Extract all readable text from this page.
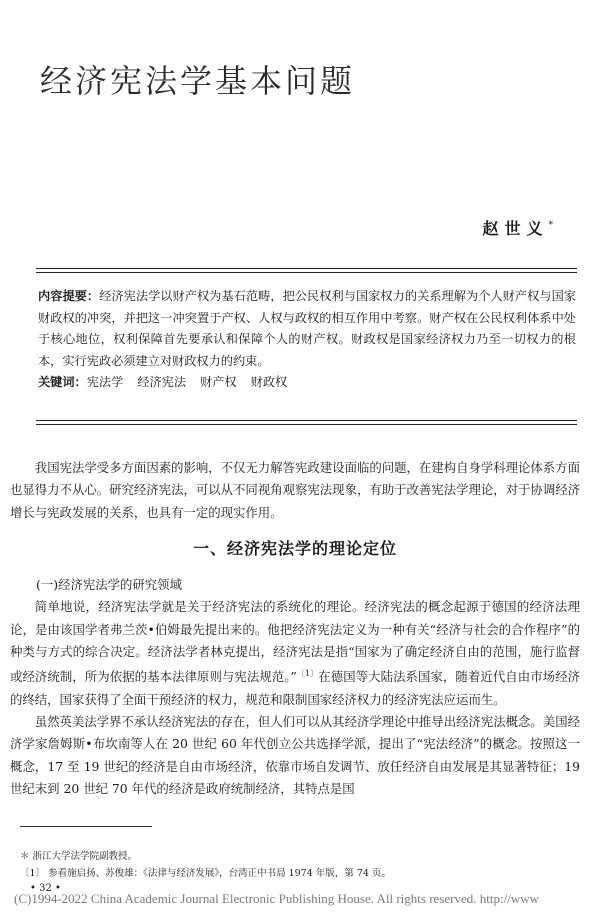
经济宪法学基本问题
赵世义*
内容提要：经济宪法学以财产权为基石范畴，把公民权利与国家权力的关系理解为个人财产权与国家财政权的冲突，并把这一冲突置于产权、人权与政权的相互作用中考察。财产权在公民权利体系中处于核心地位，权利保障首先要承认和保障个人的财产权。财政权是国家经济权力乃至一切权力的根本，实行宪政必须建立对财政权力的约束。
关键词：宪法学 经济宪法 财产权 财政权

我国宪法学受多方面因素的影响，不仅无力解答宪政建设面临的问题，在建构自身学科理论体系方面也显得力不从心。研究经济宪法，可以从不同视角观察宪法现象，有助于改善宪法学理论，对于协调经济增长与宪政发展的关系，也具有一定的现实作用。

一、经济宪法学的理论定位

(一)经济宪法学的研究领域

简单地说，经济宪法学就是关于经济宪法的系统化的理论。经济宪法的概念起源于德国的经济法理论，是由该国学者弗兰茨•伯姆最先提出来的。他把经济宪法定义为一种有关“经济与社会的合作程序”的种类与方式的综合决定。经济法学者林克提出，经济宪法是指“国家为了确定经济自由的范围，施行监督或经济统制，所为依据的基本法律原则与宪法规范。”$^{〔1〕}$在德国等大陆法系国家，随着近代自由市场经济的终结，国家获得了全面干预经济的权力，规范和限制国家经济权力的经济宪法应运而生。

虽然英美法学界不承认经济宪法的存在，但人们可以从其经济学理论中推导出经济宪法概念。美国经济学家詹姆斯•布坎南等人在 20 世纪 60 年代创立公共选择学派，提出了“宪法经济”的概念。按照这一概念，17 至 19 世纪的经济是自由市场经济，依靠市场自发调节、放任经济自由发展是其显著特征；19 世纪末到 20 世纪 70 年代的经济是政府统制经济，其特点是国

＊ 浙江大学法学院副教授。
〔1〕 参看施启扬、苏俊雄：《法律与经济发展》，台湾正中书局 1974 年版，第 74 页。
• 32 •
(C)1994-2022 China Academic Journal Electronic Publishing House. All rights reserved. http://www
